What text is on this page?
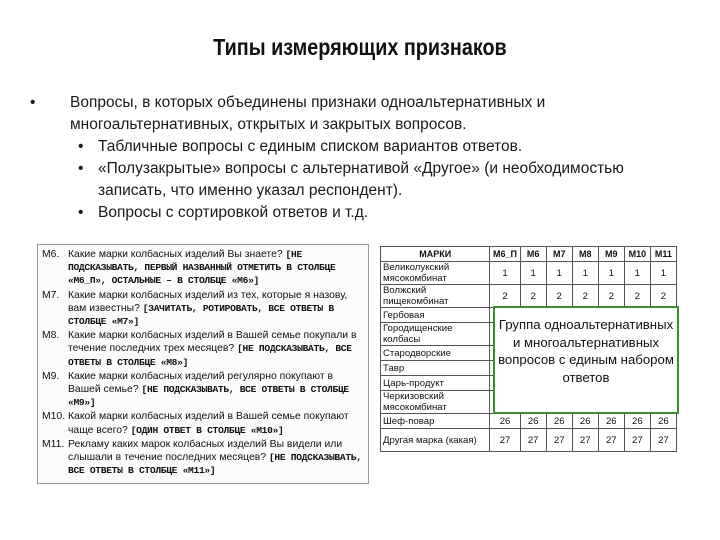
Типы измеряющих признаков
• Вопросы, в которых объединены признаки одноальтернативных и многоальтернативных, открытых и закрытых вопросов.
• Табличные вопросы с единым списком вариантов ответов.
• «Полузакрытые» вопросы с альтернативой «Другое» (и необходимостью записать, что именно указал респондент).
• Вопросы с сортировкой ответов и т.д.
M6. Какие марки колбасных изделий Вы знаете? [НЕ ПОДСКАЗЫВАТЬ, ПЕРВЫЙ НАЗВАННЫЙ ОТМЕТИТЬ В СТОЛБЦЕ «M6_П», ОСТАЛЬНЫЕ – В СТОЛБЦЕ «M6»]
M7. Какие марки колбасных изделий из тех, которые я назову, вам известны? [ЗАЧИТАТЬ, РОТИРОВАТЬ, ВСЕ ОТВЕТЫ В СТОЛБЦЕ «M7»]
M8. Какие марки колбасных изделий в Вашей семье покупали в течение последних трех месяцев? [НЕ ПОДСКАЗЫВАТЬ, ВСЕ ОТВЕТЫ В СТОЛБЦЕ «M8»]
M9. Какие марки колбасных изделий регулярно покупают в Вашей семье? [НЕ ПОДСКАЗЫВАТЬ, ВСЕ ОТВЕТЫ В СТОЛБЦЕ «M9»]
M10. Какой марки колбасных изделий в Вашей семье покупают чаще всего? [ОДИН ОТВЕТ В СТОЛБЦЕ «M10»]
M11. Рекламу каких марок колбасных изделий Вы видели или слышали в течение последних месяцев? [НЕ ПОДСКАЗЫВАТЬ, ВСЕ ОТВЕТЫ В СТОЛБЦЕ «M11»]
МАРКИ	M6_П	M6	M7	M8	M9	M10	M11
Великолукский мясокомбинат	1	1	1	1	1	1	1
Волжский пищекомбинат	2	2	2	2	2	2	2
Гербовая							
Городищенские колбасы							
Стародворские							
Тавр							
Царь-продукт							
Черкизовский мясокомбинат							
Шеф-повар	26	26	26	26	26	26	26
Другая марка (какая)	27	27	27	27	27	27	27
Группа одноальтернативных и многоальтернативных вопросов с единым набором ответов
